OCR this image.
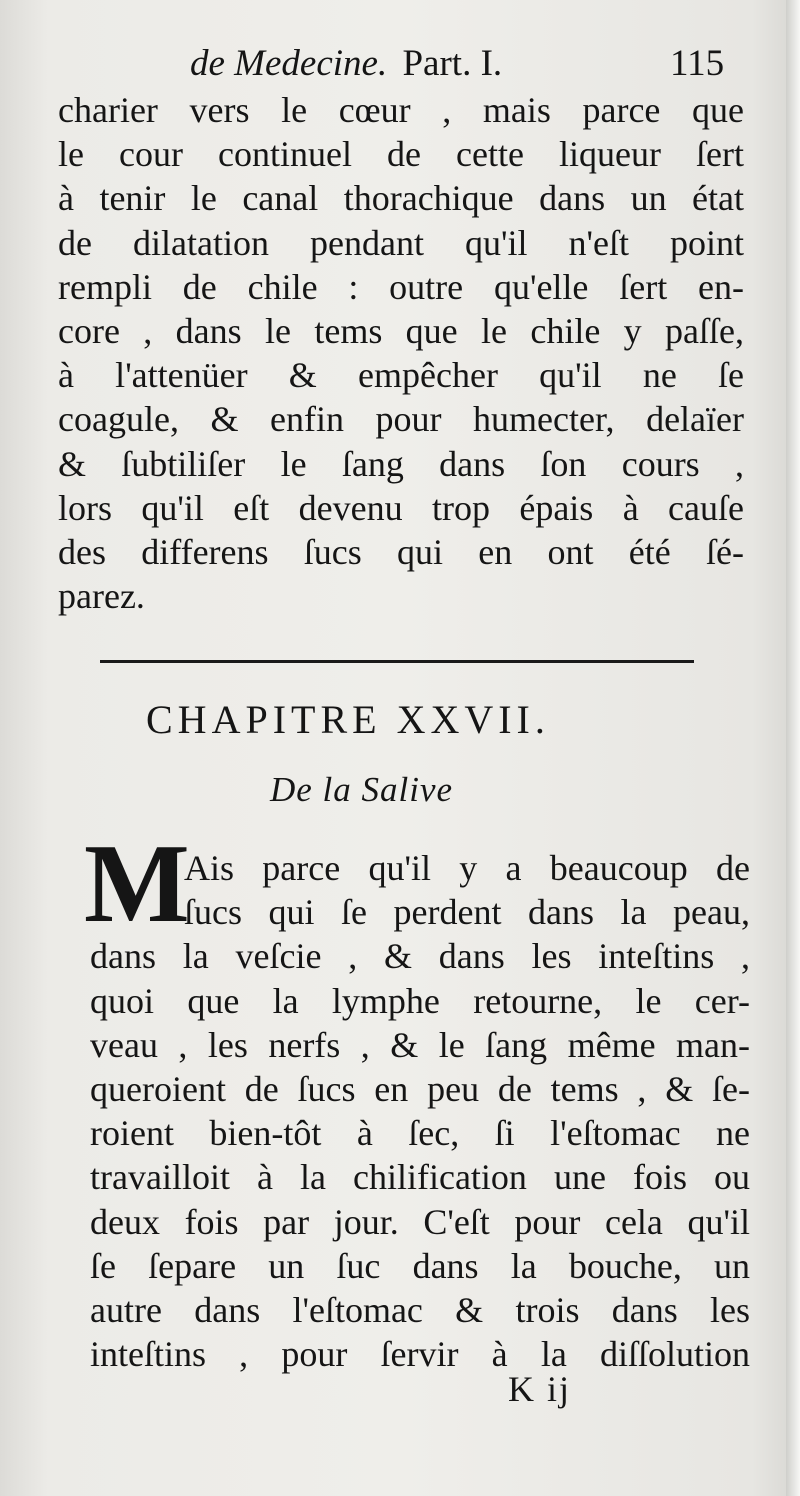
de Medecine. Part. I.	115
charier vers le cœur , mais parce que
le cour continuel de cette liqueur ſert
à tenir le canal thorachique dans un état
de dilatation pendant qu'il n'eſt point
rempli de chile : outre qu'elle ſert en-
core , dans le tems que le chile y paſſe,
à l'attenüer & empêcher qu'il ne ſe
coagule, & enfin pour humecter, delaïer
& ſubtiliſer le ſang dans ſon cours ,
lors qu'il eſt devenu trop épais à cauſe
des differens ſucs qui en ont été ſé-
parez.
CHAPITRE XXVII.
De la Salive
M
Ais parce qu'il y a beaucoup de
ſucs qui ſe perdent dans la peau,
dans la veſcie , & dans les inteſtins ,
quoi que la lymphe retourne, le cer-
veau , les nerfs , & le ſang même man-
queroient de ſucs en peu de tems , & ſe-
roient bien-tôt à ſec, ſi l'eſtomac ne
travailloit à la chilification une fois ou
deux fois par jour. C'eſt pour cela qu'il
ſe ſepare un ſuc dans la bouche, un
autre dans l'eſtomac & trois dans les
inteſtins , pour ſervir à la diſſolution
K ij
